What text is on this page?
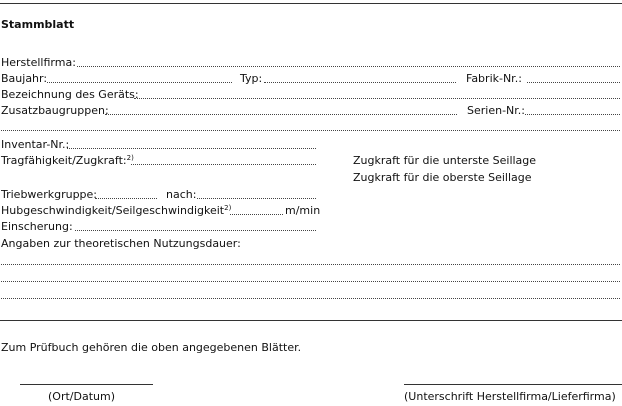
Stammblatt
Herstellfirma:
Baujahr:	Typ:	Fabrik-Nr.:
Bezeichnung des Geräts:
Zusatzbaugruppen:	Serien-Nr.:
Inventar-Nr.:
Tragfähigkeit/Zugkraft:$^{2)}$	Zugkraft für die unterste Seillage
Zugkraft für die oberste Seillage
Triebwerkgruppe:	nach:
Hubgeschwindigkeit/Seilgeschwindigkeit$^{2)}$	m/min
Einscherung:
Angaben zur theoretischen Nutzungsdauer:
Zum Prüfbuch gehören die oben angegebenen Blätter.
(Ort/Datum)	(Unterschrift Herstellfirma/Lieferfirma)
